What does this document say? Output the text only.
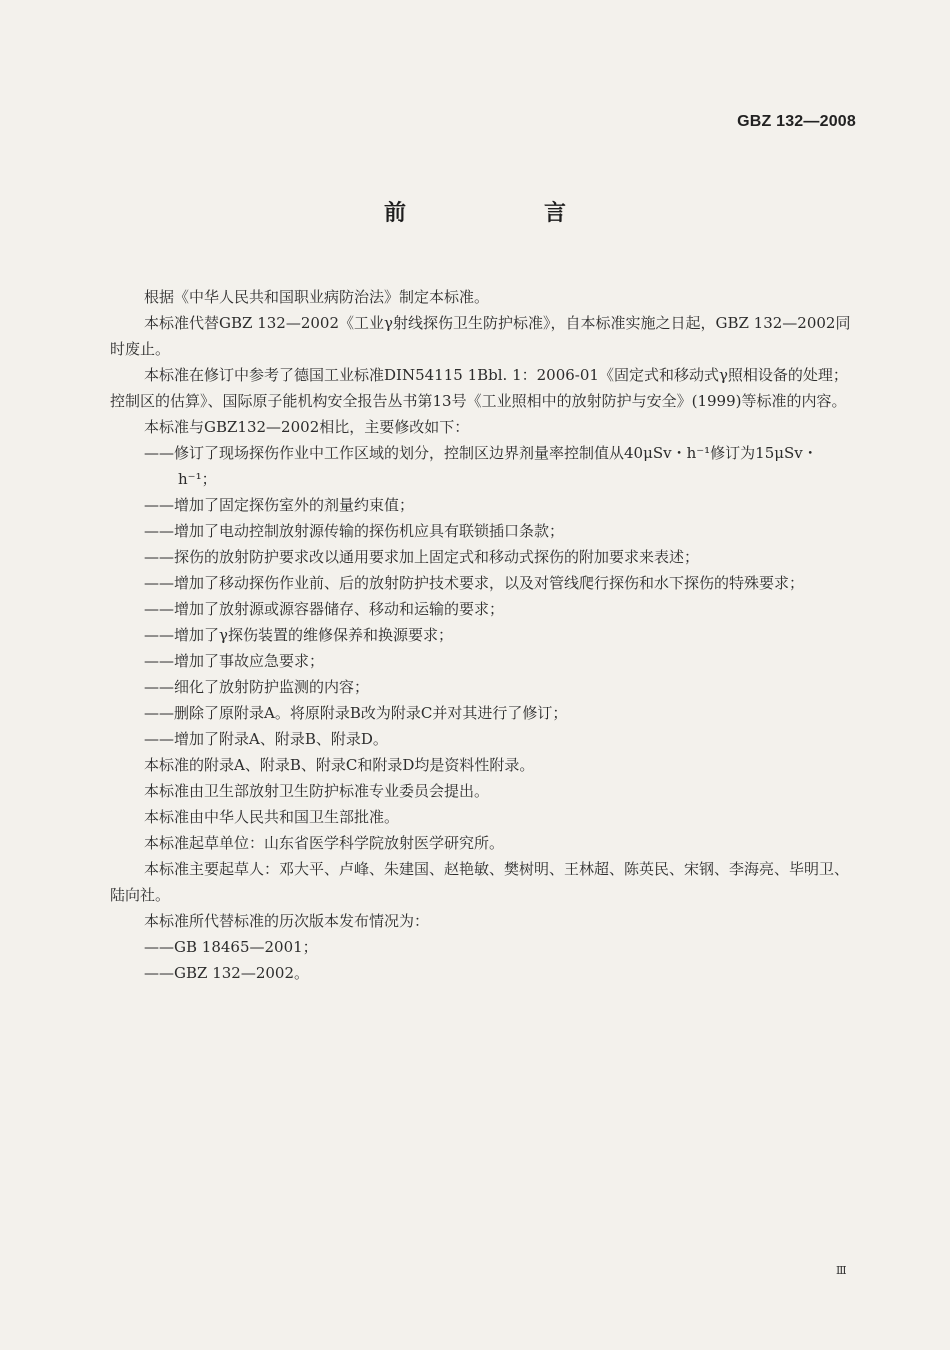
GBZ 132—2008
前　言

根据《中华人民共和国职业病防治法》制定本标准。

本标准代替GBZ 132—2002《工业γ射线探伤卫生防护标准》，自本标准实施之日起，GBZ 132—2002同时废止。

本标准在修订中参考了德国工业标准DIN54115 1Bbl. 1：2006-01《固定式和移动式γ照相设备的处理；控制区的估算》、国际原子能机构安全报告丛书第13号《工业照相中的放射防护与安全》(1999)等标准的内容。

本标准与GBZ132—2002相比，主要修改如下：

——修订了现场探伤作业中工作区域的划分，控制区边界剂量率控制值从40μSv・h⁻¹修订为15μSv・h⁻¹；

——增加了固定探伤室外的剂量约束值；

——增加了电动控制放射源传输的探伤机应具有联锁插口条款；

——探伤的放射防护要求改以通用要求加上固定式和移动式探伤的附加要求来表述；

——增加了移动探伤作业前、后的放射防护技术要求，以及对管线爬行探伤和水下探伤的特殊要求；

——增加了放射源或源容器储存、移动和运输的要求；

——增加了γ探伤装置的维修保养和换源要求；

——增加了事故应急要求；

——细化了放射防护监测的内容；

——删除了原附录A。将原附录B改为附录C并对其进行了修订；

——增加了附录A、附录B、附录D。

本标准的附录A、附录B、附录C和附录D均是资料性附录。

本标准由卫生部放射卫生防护标准专业委员会提出。

本标准由中华人民共和国卫生部批准。

本标准起草单位：山东省医学科学院放射医学研究所。

本标准主要起草人：邓大平、卢峰、朱建国、赵艳敏、樊树明、王林超、陈英民、宋钢、李海亮、毕明卫、陆向社。

本标准所代替标准的历次版本发布情况为：

——GB 18465—2001；

——GBZ 132—2002。

Ⅲ
